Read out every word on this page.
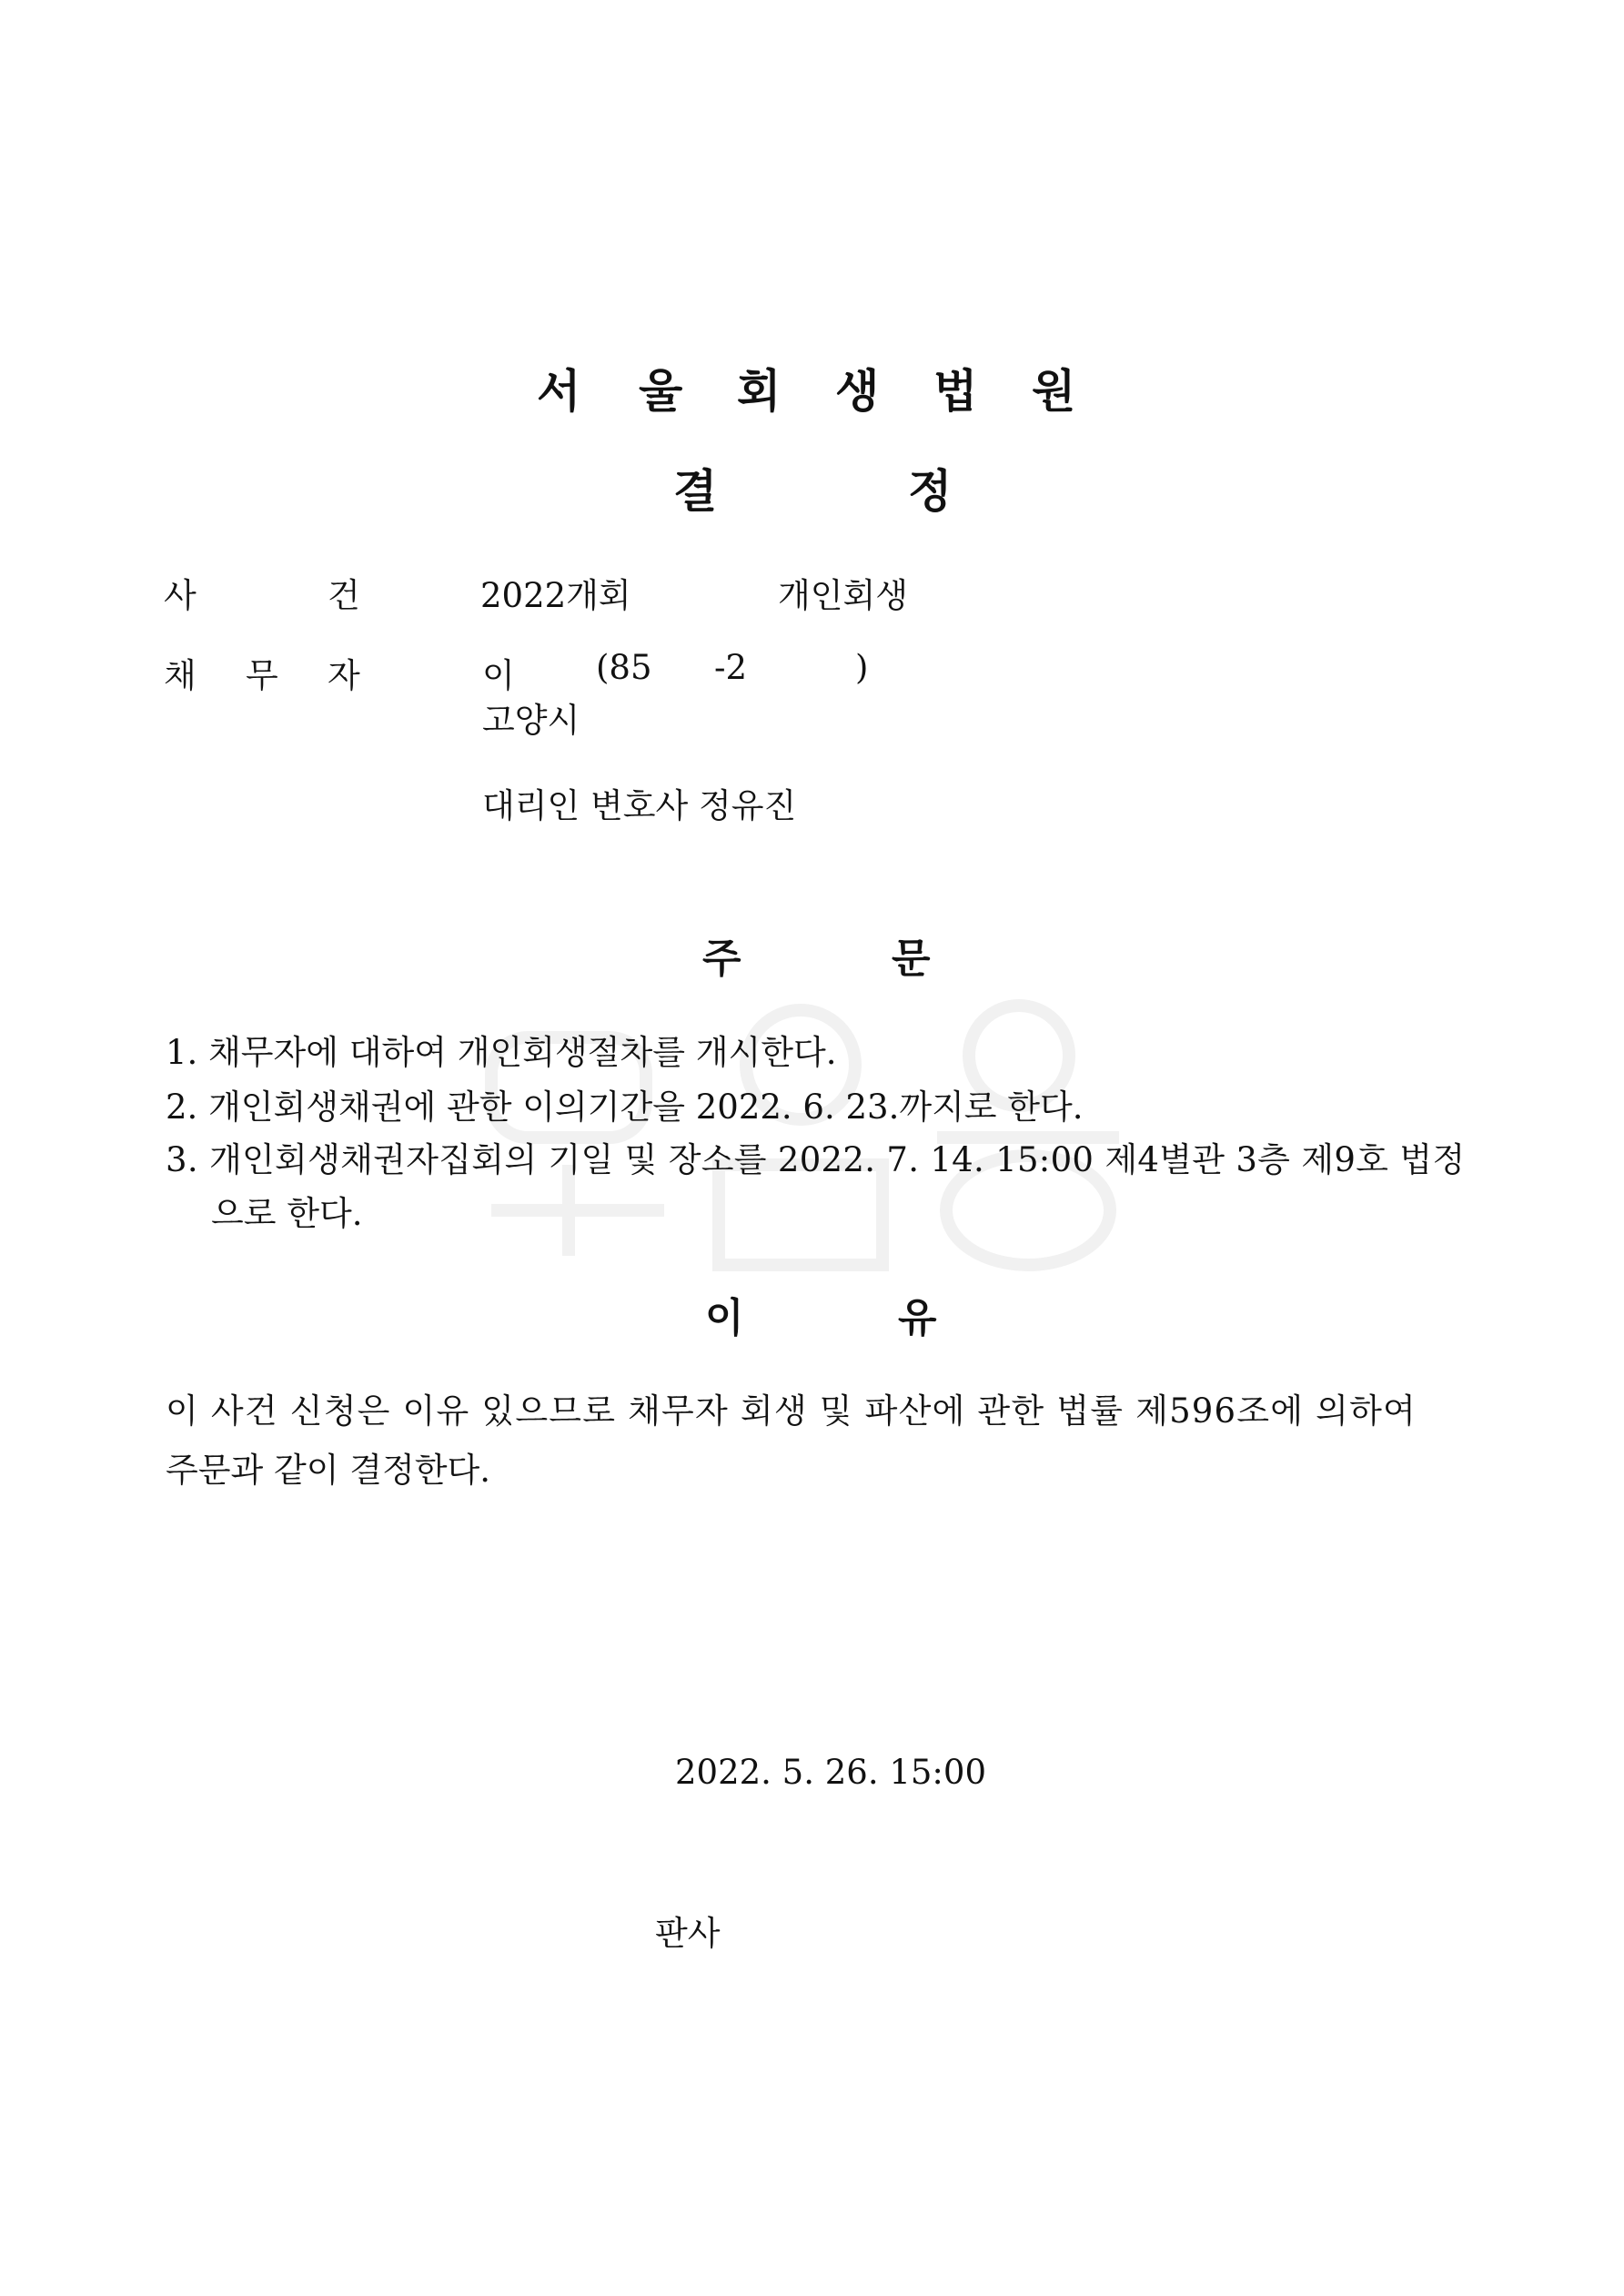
서 울 회 생 법 원
결	정
사	건	2022개회	개인회생
채 무 자	이 (85 -2	)
고양시
대리인 변호사 정유진
주	문
1. 채무자에 대하여 개인회생절차를 개시한다.
2. 개인회생채권에 관한 이의기간을 2022. 6. 23.까지로 한다.
3. 개인회생채권자집회의 기일 및 장소를 2022. 7. 14. 15:00 제4별관 3층 제9호 법정
으로 한다.
이	유
이 사건 신청은 이유 있으므로 채무자 회생 및 파산에 관한 법률 제596조에 의하여
주문과 같이 결정한다.
2022. 5. 26. 15:00
판사
